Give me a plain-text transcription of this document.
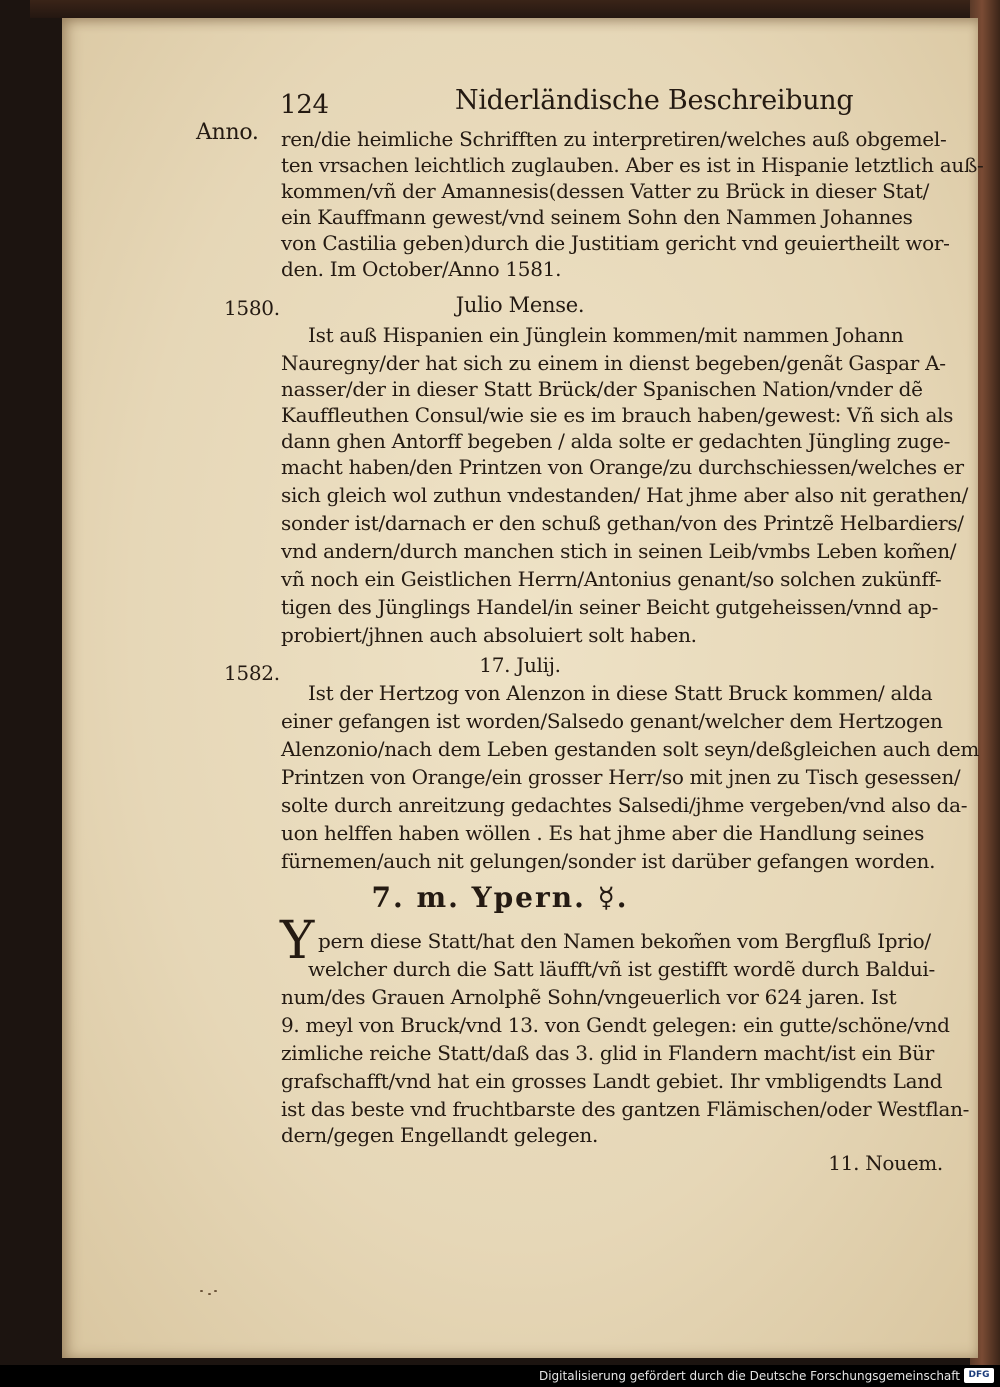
124	Niderländische Beschreibung
Anno.
1580.
1582.
ren/die heimliche Schrifften zu interpretiren/welches auß obgemel-
ten vrsachen leichtlich zuglauben. Aber es ist in Hispanie letztlich auß-
kommen/vñ der Amannesis(dessen Vatter zu Brück in dieser Stat/
ein Kauffmann gewest/vnd seinem Sohn den Nammen Johannes
von Castilia geben)durch die Justitiam gericht vnd geuiertheilt wor-
den. Im October/Anno 1581.
Julio Mense.
Ist auß Hispanien ein Jünglein kommen/mit nammen Johann
Nauregny/der hat sich zu einem in dienst begeben/genãt Gaspar A-
nasser/der in dieser Statt Brück/der Spanischen Nation/vnder dẽ
Kauffleuthen Consul/wie sie es im brauch haben/gewest: Vñ sich als
dann ghen Antorff begeben / alda solte er gedachten Jüngling zuge-
macht haben/den Printzen von Orange/zu durchschiessen/welches er
sich gleich wol zuthun vndestanden/ Hat jhme aber also nit gerathen/
sonder ist/darnach er den schuß gethan/von des Printzẽ Helbardiers/
vnd andern/durch manchen stich in seinen Leib/vmbs Leben kom̃en/
vñ noch ein Geistlichen Herrn/Antonius genant/so solchen zukünff-
tigen des Jünglings Handel/in seiner Beicht gutgeheissen/vnnd ap-
probiert/jhnen auch absoluiert solt haben.
17. Julij.
Ist der Hertzog von Alenzon in diese Statt Bruck kommen/ alda
einer gefangen ist worden/Salsedo genant/welcher dem Hertzogen
Alenzonio/nach dem Leben gestanden solt seyn/deßgleichen auch dem
Printzen von Orange/ein grosser Herr/so mit jnen zu Tisch gesessen/
solte durch anreitzung gedachtes Salsedi/jhme vergeben/vnd also da-
uon helffen haben wöllen . Es hat jhme aber die Handlung seines
fürnemen/auch nit gelungen/sonder ist darüber gefangen worden.
7. m. Ypern. ☿.
Y pern diese Statt/hat den Namen bekom̃en vom Bergfluß Iprio/
welcher durch die Satt läufft/vñ ist gestifft wordẽ durch Baldui-
num/des Grauen Arnolphẽ Sohn/vngeuerlich vor 624 jaren. Ist
9. meyl von Bruck/vnd 13. von Gendt gelegen: ein gutte/schöne/vnd
zimliche reiche Statt/daß das 3. glid in Flandern macht/ist ein Bür
grafschafft/vnd hat ein grosses Landt gebiet. Ihr vmbligendts Land
ist das beste vnd fruchtbarste des gantzen Flämischen/oder Westflan-
dern/gegen Engellandt gelegen.
11. Nouem.
Digitalisierung gefördert durch die Deutsche Forschungsgemeinschaft DFG
